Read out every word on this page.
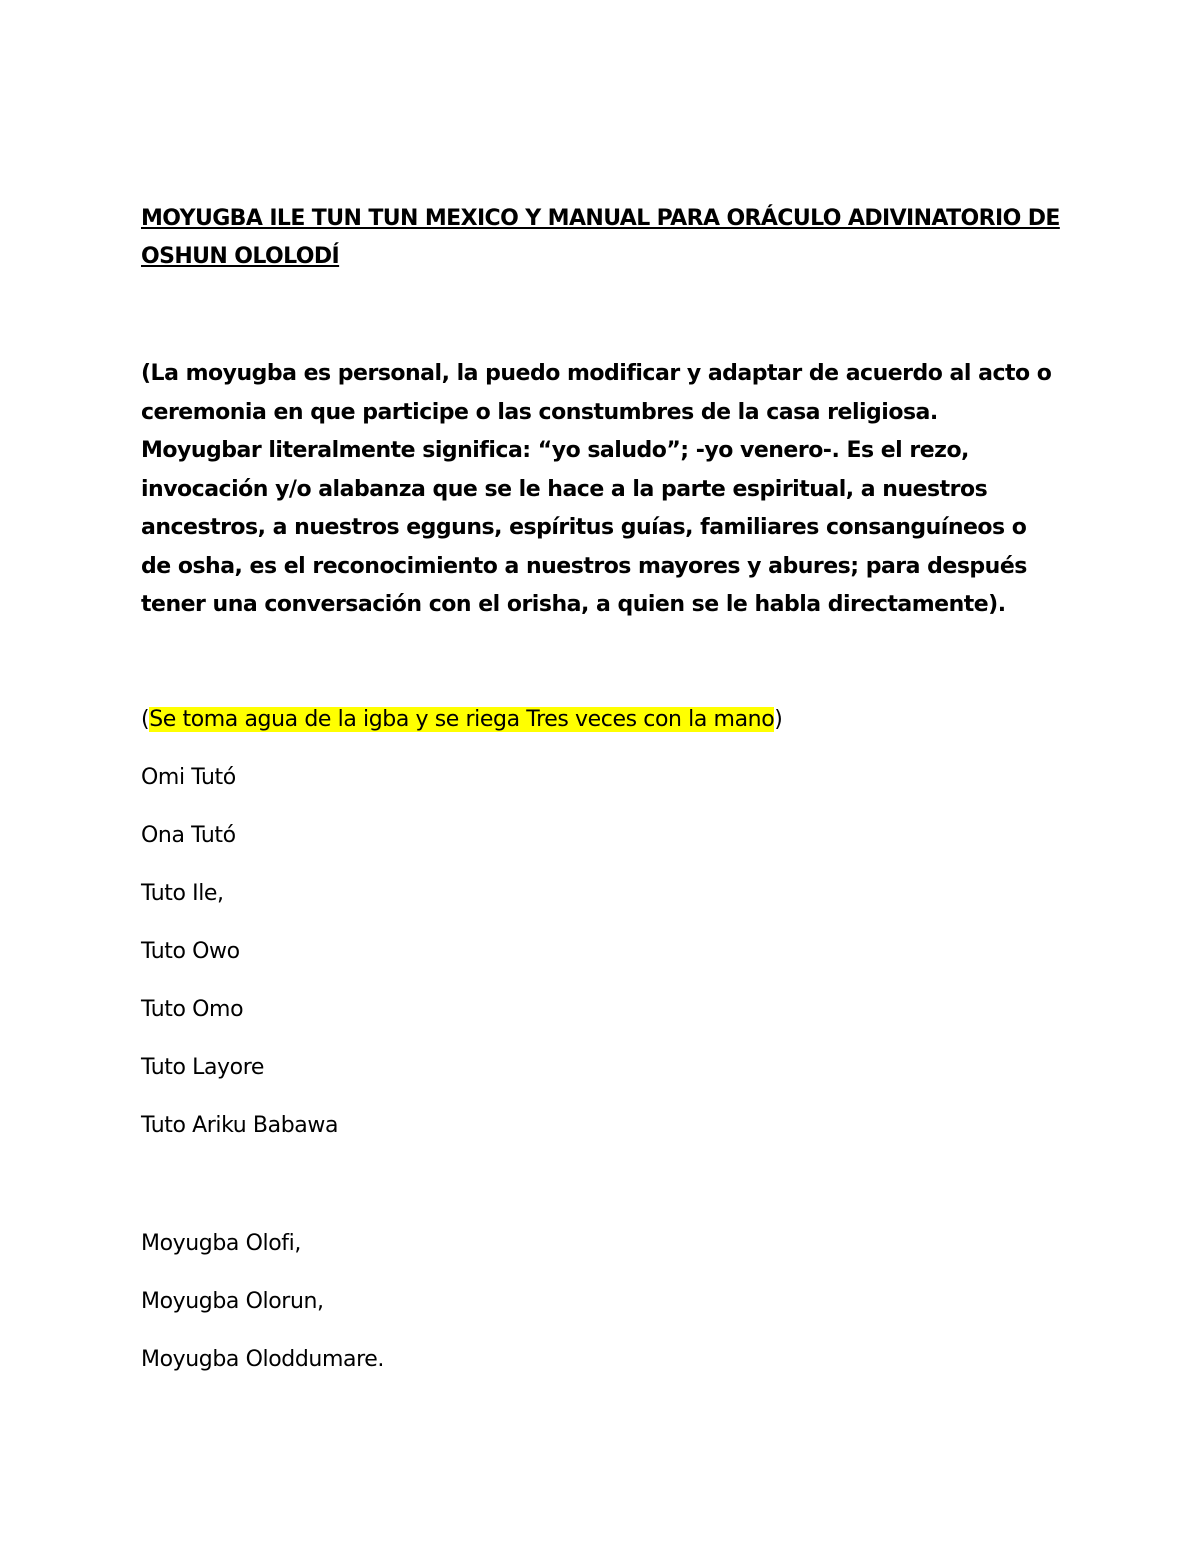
MOYUGBA ILE TUN TUN MEXICO Y MANUAL PARA ORÁCULO ADIVINATORIO DE OSHUN OLOLODÍ

(La moyugba es personal, la puedo modificar y adaptar de acuerdo al acto o ceremonia en que participe o las constumbres de la casa religiosa. Moyugbar literalmente significa: “yo saludo”; -yo venero-. Es el rezo, invocación y/o alabanza que se le hace a la parte espiritual, a nuestros ancestros, a nuestros egguns, espíritus guías, familiares consanguíneos o de osha, es el reconocimiento a nuestros mayores y abures; para después tener una conversación con el orisha, a quien se le habla directamente).

(Se toma agua de la igba y se riega Tres veces con la mano)

Omi Tutó

Ona Tutó

Tuto Ile,

Tuto Owo

Tuto Omo

Tuto Layore

Tuto Ariku Babawa

Moyugba Olofi,

Moyugba Olorun,

Moyugba Oloddumare.
